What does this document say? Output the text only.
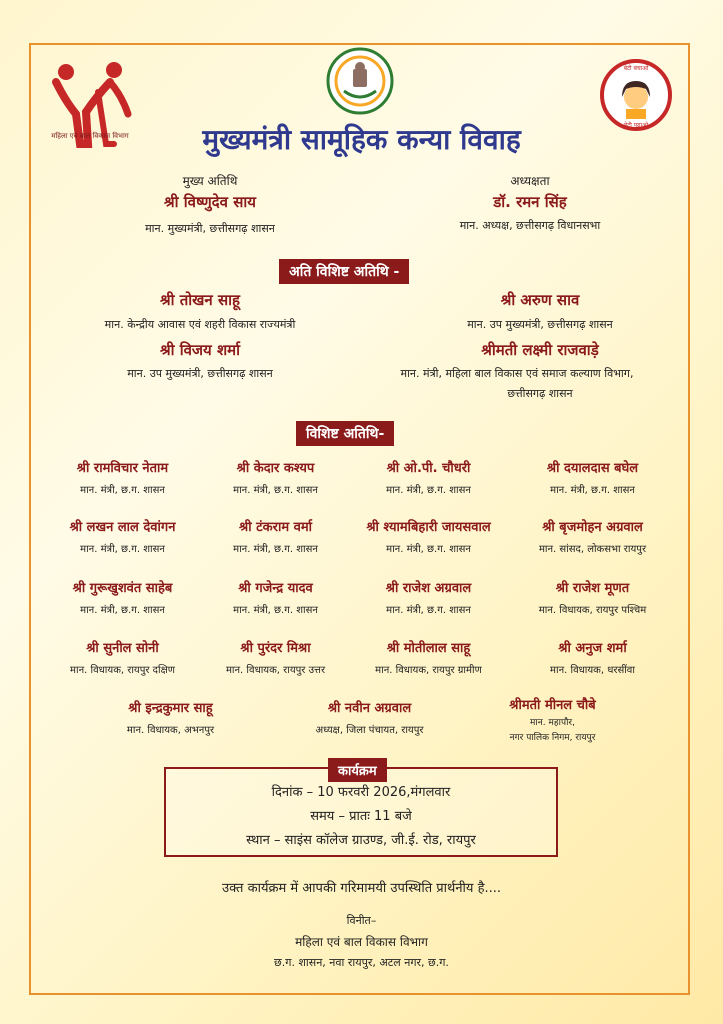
महिला एवं बाल विकास विभाग
बेटी बचाओ
बेटी पढ़ाओ
मुख्यमंत्री सामूहिक कन्या विवाह
मुख्य अतिथि
श्री विष्णुदेव साय
मान. मुख्यमंत्री, छत्तीसगढ़ शासन
अध्यक्षता
डॉ. रमन सिंह
मान. अध्यक्ष, छत्तीसगढ़ विधानसभा
अति विशिष्ट अतिथि -
श्री तोखन साहू
मान. केन्द्रीय आवास एवं शहरी विकास राज्यमंत्री
श्री अरुण साव
मान. उप मुख्यमंत्री, छत्तीसगढ़ शासन
श्री विजय शर्मा
मान. उप मुख्यमंत्री, छत्तीसगढ़ शासन
श्रीमती लक्ष्मी राजवाड़े
मान. मंत्री, महिला बाल विकास एवं समाज कल्याण विभाग,
छत्तीसगढ़ शासन
विशिष्ट अतिथि-
श्री रामविचार नेताम
मान. मंत्री, छ.ग. शासन
श्री केदार कश्यप
मान. मंत्री, छ.ग. शासन
श्री ओ.पी. चौधरी
मान. मंत्री, छ.ग. शासन
श्री दयालदास बघेल
मान. मंत्री, छ.ग. शासन
श्री लखन लाल देवांगन
मान. मंत्री, छ.ग. शासन
श्री टंकराम वर्मा
मान. मंत्री, छ.ग. शासन
श्री श्यामबिहारी जायसवाल
मान. मंत्री, छ.ग. शासन
श्री बृजमोहन अग्रवाल
मान. सांसद, लोकसभा रायपुर
श्री गुरूखुशवंत साहेब
मान. मंत्री, छ.ग. शासन
श्री गजेन्द्र यादव
मान. मंत्री, छ.ग. शासन
श्री राजेश अग्रवाल
मान. मंत्री, छ.ग. शासन
श्री राजेश मूणत
मान. विधायक, रायपुर पश्चिम
श्री सुनील सोनी
मान. विधायक, रायपुर दक्षिण
श्री पुरंदर मिश्रा
मान. विधायक, रायपुर उत्तर
श्री मोतीलाल साहू
मान. विधायक, रायपुर ग्रामीण
श्री अनुज शर्मा
मान. विधायक, धरसींवा
श्री इन्द्रकुमार साहू
मान. विधायक, अभनपुर
श्री नवीन अग्रवाल
अध्यक्ष, जिला पंचायत, रायपुर
श्रीमती मीनल चौबे
मान. महापौर,
नगर पालिक निगम, रायपुर
कार्यक्रम
दिनांक – 10 फरवरी 2026,मंगलवार
समय – प्रातः 11 बजे
स्थान – साइंस कॉलेज ग्राउण्ड, जी.ई. रोड, रायपुर
उक्त कार्यक्रम में आपकी गरिमामयी उपस्थिति प्रार्थनीय है....
विनीत–
महिला एवं बाल विकास विभाग
छ.ग. शासन, नवा रायपुर, अटल नगर, छ.ग.
